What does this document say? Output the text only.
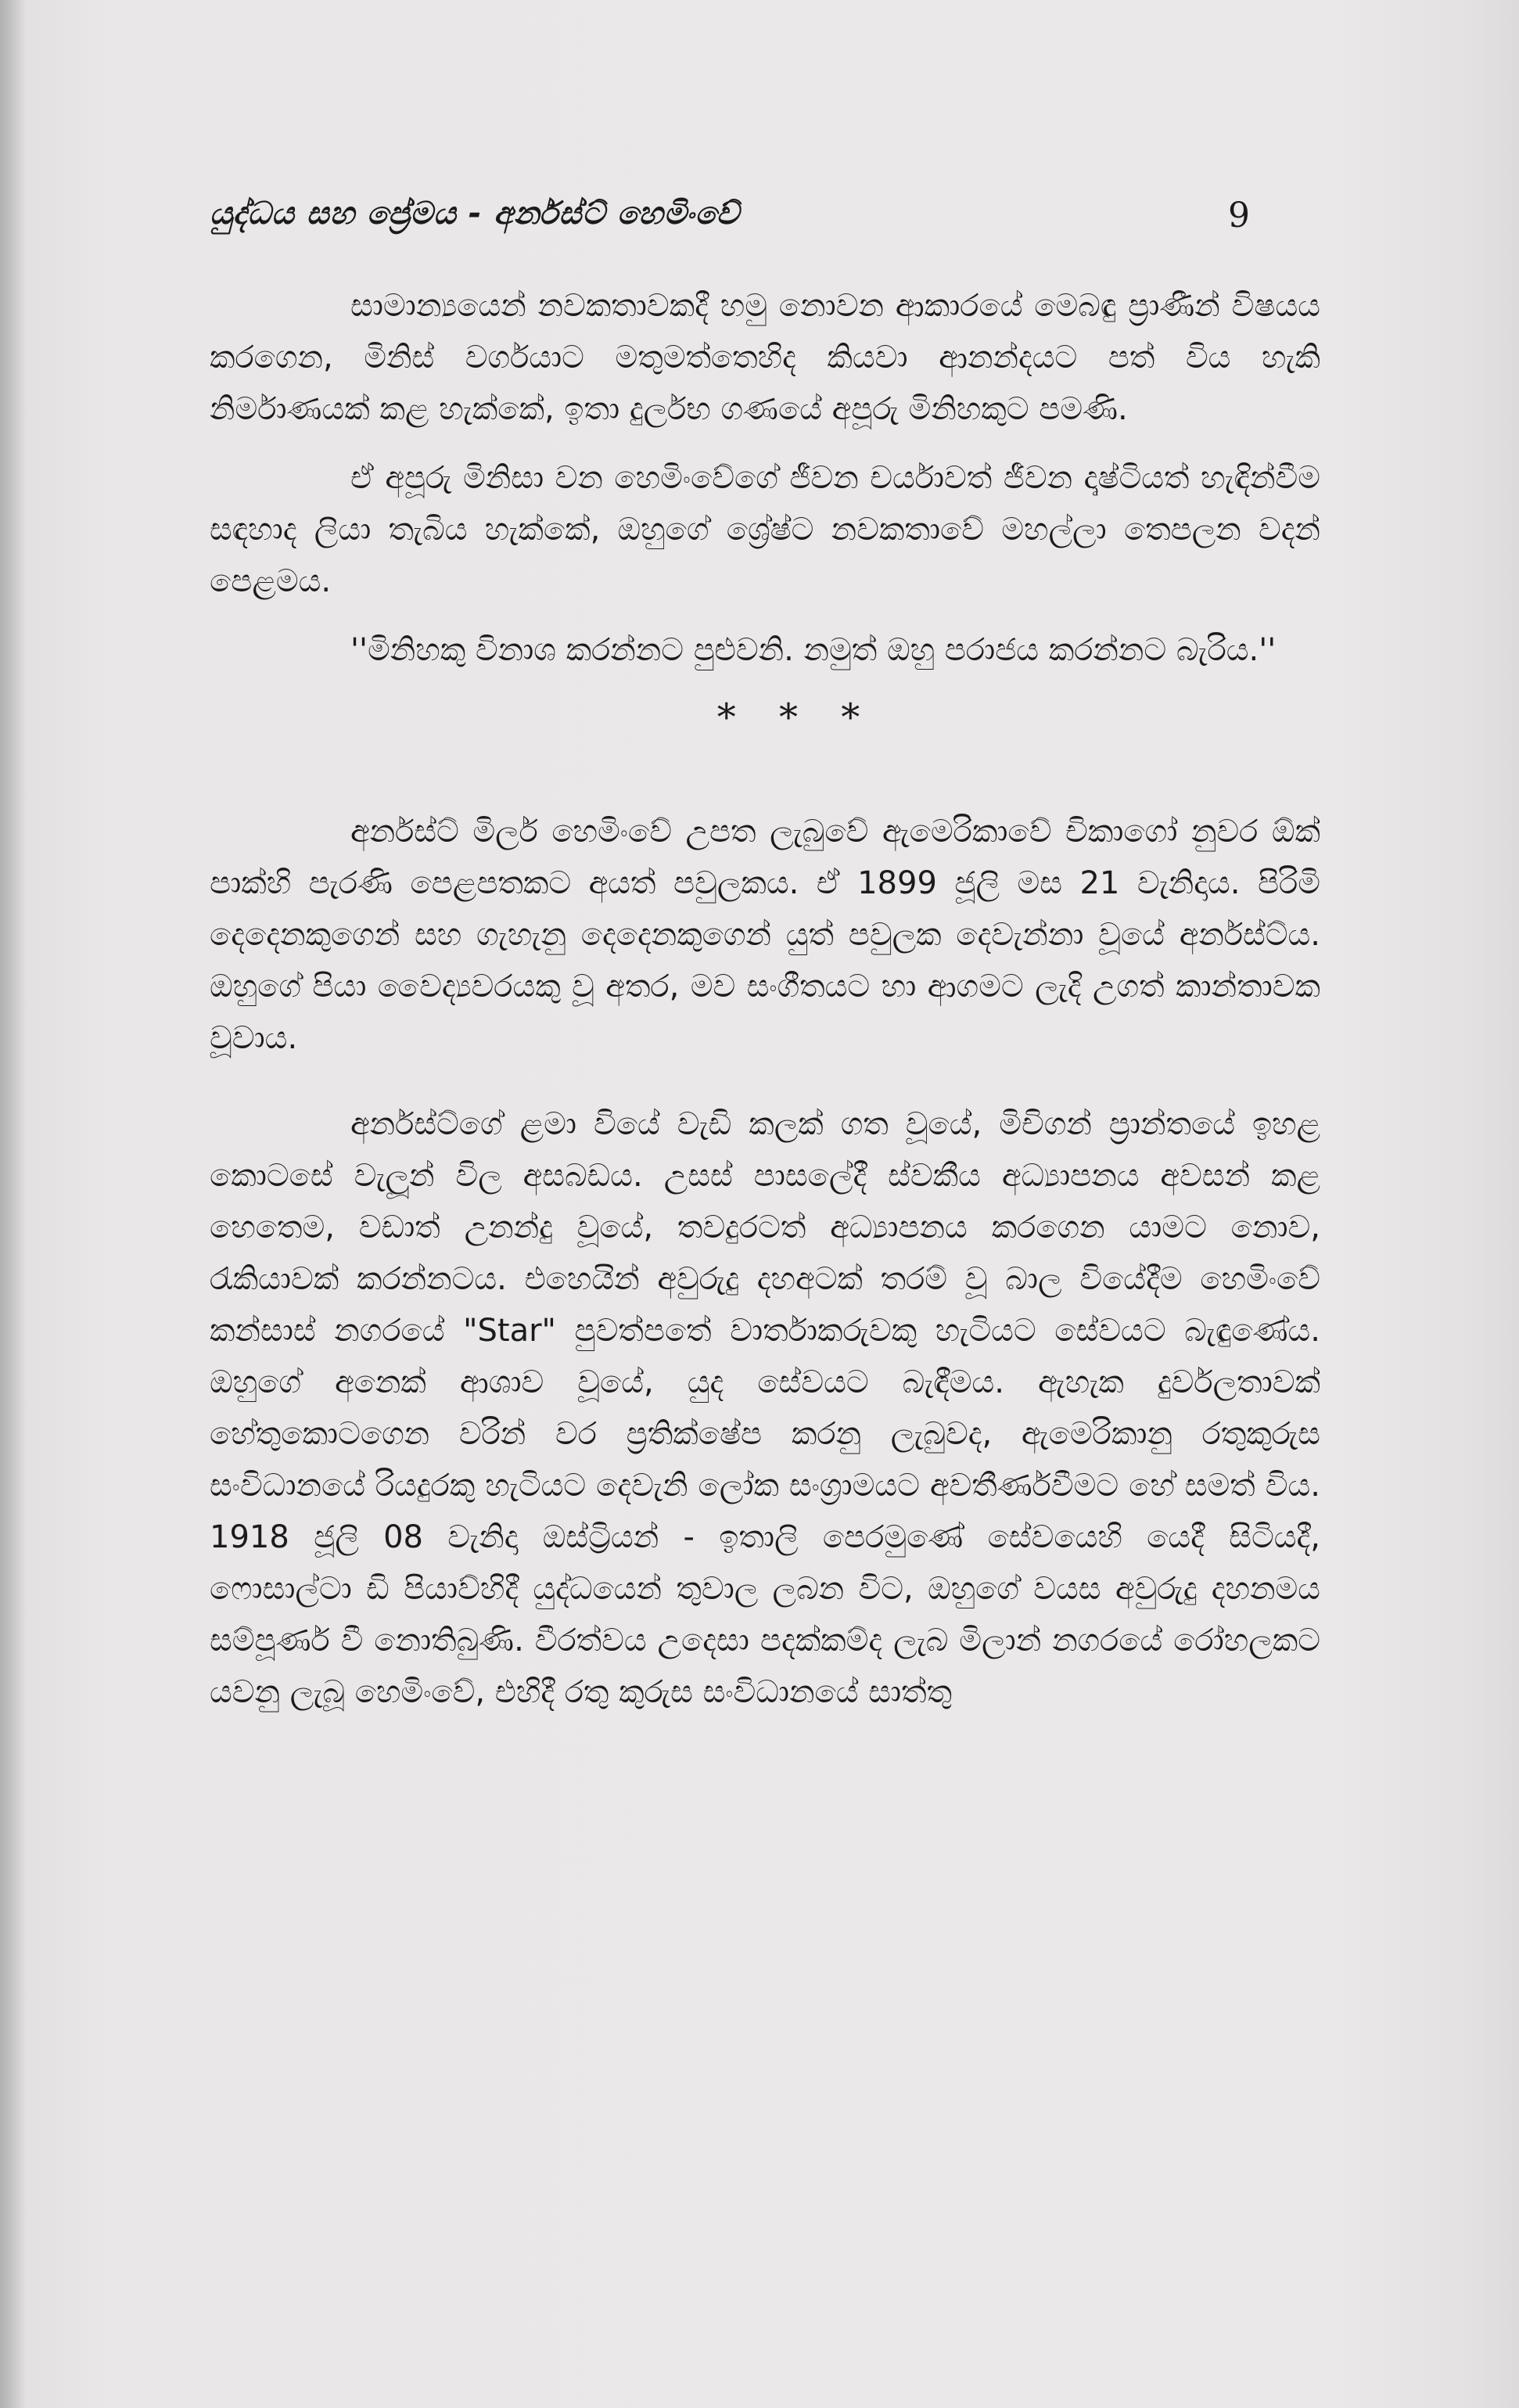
යුද්ධය සහ ප්‍රේමය - අර්නස්ට් හෙමිංවේ	9

සාමාන්‍යයෙන් නවකතාවකදී හමු නොවන ආකාරයේ මෙබඳු ප්‍රාණීන් විෂයය කරගෙන, මිනිස් වර්ගයාට මතුමත්තෙහිද කියවා ආනන්දයට පත් විය හැකි නිර්මාණයක් කළ හැක්කේ, ඉතා දුර්ලභ ගණයේ අපූරු මිනිහකුට පමණි.

ඒ අපූරු මිනිසා වන හෙමිංවේගේ ජීවන චර්යාවත් ජීවන දෘෂ්ටියත් හැඳින්වීම සඳහාද ලියා තැබිය හැක්කේ, ඔහුගේ ශ්‍රේෂ්ට නවකතාවේ මහල්ලා තෙපලන වදන් පෙළමය.

''මිනිහකු විනාශ කරන්නට පුළුවනි. නමුත් ඔහු පරාජය කරන්නට බැරිය.''

* * *

අර්නස්ට් මිලර් හෙමිංවේ උපත ලැබුවේ ඇමෙරිකාවේ චිකාගෝ නුවර ඕක් පාක්හි පැරණි පෙළපතකට අයත් පවුලකය. ඒ 1899 ජූලි මස 21 වැනිදාය. පිරිමි දෙදෙනකුගෙන් සහ ගැහැනු දෙදෙනකුගෙන් යුත් පවුලක දෙවැන්නා වූයේ අර්නස්ට්ය. ඔහුගේ පියා වෛද්‍යවරයකු වූ අතර, මව සංගීතයට හා ආගමට ලැදි උගත් කාන්තාවක වූවාය.

අර්නස්ට්ගේ ළමා වියේ වැඩි කලක් ගත වූයේ, මිචිගන් ප්‍රාන්තයේ ඉහළ කොටසේ වැලූන් විල අසබඩය. උසස් පාසලේදී ස්වකීය අධ්‍යාපනය අවසන් කළ හෙතෙම, වඩාත් උනන්දු වූයේ, තවදුරටත් අධ්‍යාපනය කරගෙන යාමට නොව, රැකියාවක් කරන්නටය. එහෙයින් අවුරුදු දහඅටක් තරම් වූ බාල වියේදීම හෙමිංවේ කන්සාස් නගරයේ "Star" පුවත්පතේ වාර්තාකරුවකු හැටියට සේවයට බැඳුණේය. ඔහුගේ අනෙක් ආශාව වූයේ, යුද සේවයට බැඳීමය. ඇහැක දුර්වලතාවක් හේතුකොටගෙන වරින් වර ප්‍රතික්ෂේප කරනු ලැබුවද, ඇමෙරිකානු රතුකුරුස සංවිධානයේ රියදුරකු හැටියට දෙවැනි ලෝක සංග්‍රාමයට අවතීර්ණවීමට හේ සමත් විය. 1918 ජූලි 08 වැනිදා ඔස්ට්‍රියන් - ඉතාලි පෙරමුණේ සේවයෙහි යෙදී සිටියදී, ෆොසාල්ටා ඩි පියාව්හිදී යුද්ධයෙන් තුවාල ලබන විට, ඔහුගේ වයස අවුරුදු දහනමය සම්පූර්ණ වී නොතිබුණි. වීරත්වය උදෙසා පදක්කම්ද ලැබ මිලාන් නගරයේ රෝහලකට යවනු ලැබූ හෙමිංවේ, එහිදී රතු කුරුස සංවිධානයේ සාත්තු
